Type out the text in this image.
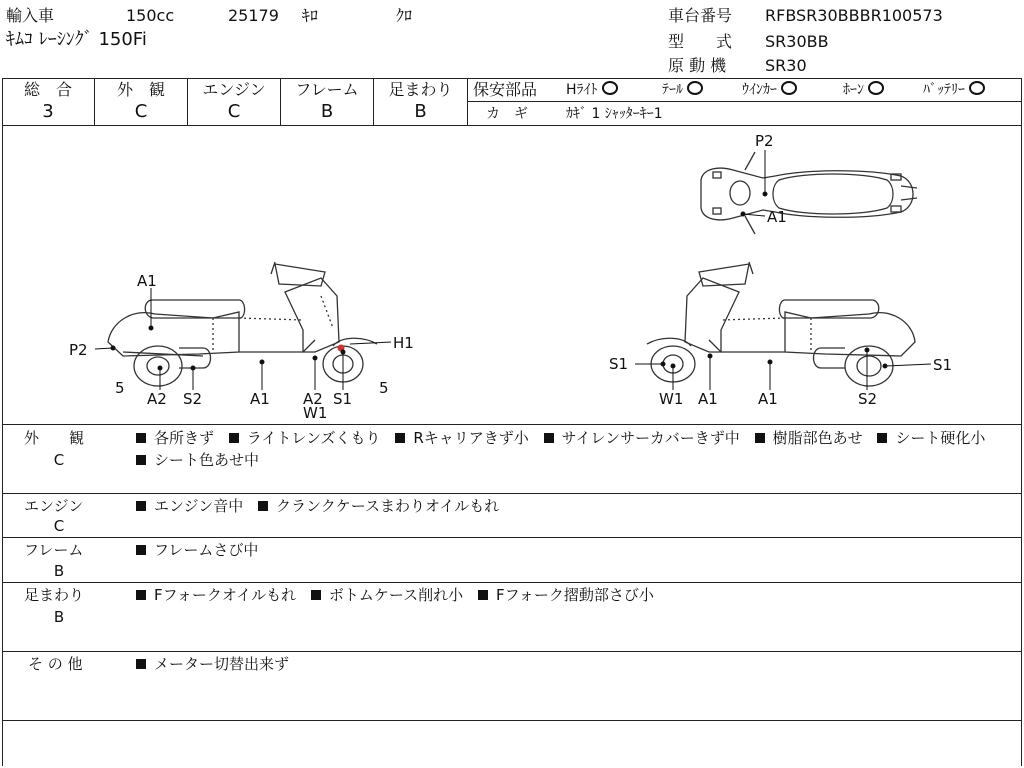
輸入車	150cc	25179 ｷﾛ	ｸﾛ
ｷﾑｺ ﾚｰｼﾝｸﾞ 150Fi
車台番号 RFBSR30BBBR100573
型　　式 SR30BB
原 動 機 SR30
総　合
3
外　観
C
エンジン
C
フレーム
B
足まわり
B
保安部品 Hﾗｲﾄ	ﾃｰﾙ	ｳｲﾝｶｰ	ﾎｰﾝ	ﾊﾞｯﾃﾘｰ
カ　ギ	ｶｷﾞ 1 ｼｬｯﾀｰｷｰ1
P2
A1
A1
P2	H1
5
A2 S2	A1 A2
W1
S1
5
S1
W1 A1	A1	S2
S1
外　　観
C
各所きず ライトレンズくもり Rキャリアきず小 サイレンサーカバーきず中 樹脂部色あせ シート硬化小 シート色あせ中
エンジン
C
エンジン音中 クランクケースまわりオイルもれ
フレーム
B
フレームさび中
足まわり
B
Fフォークオイルもれ ボトムケース削れ小 Fフォーク摺動部さび小
そ の 他	メーター切替出来ず
